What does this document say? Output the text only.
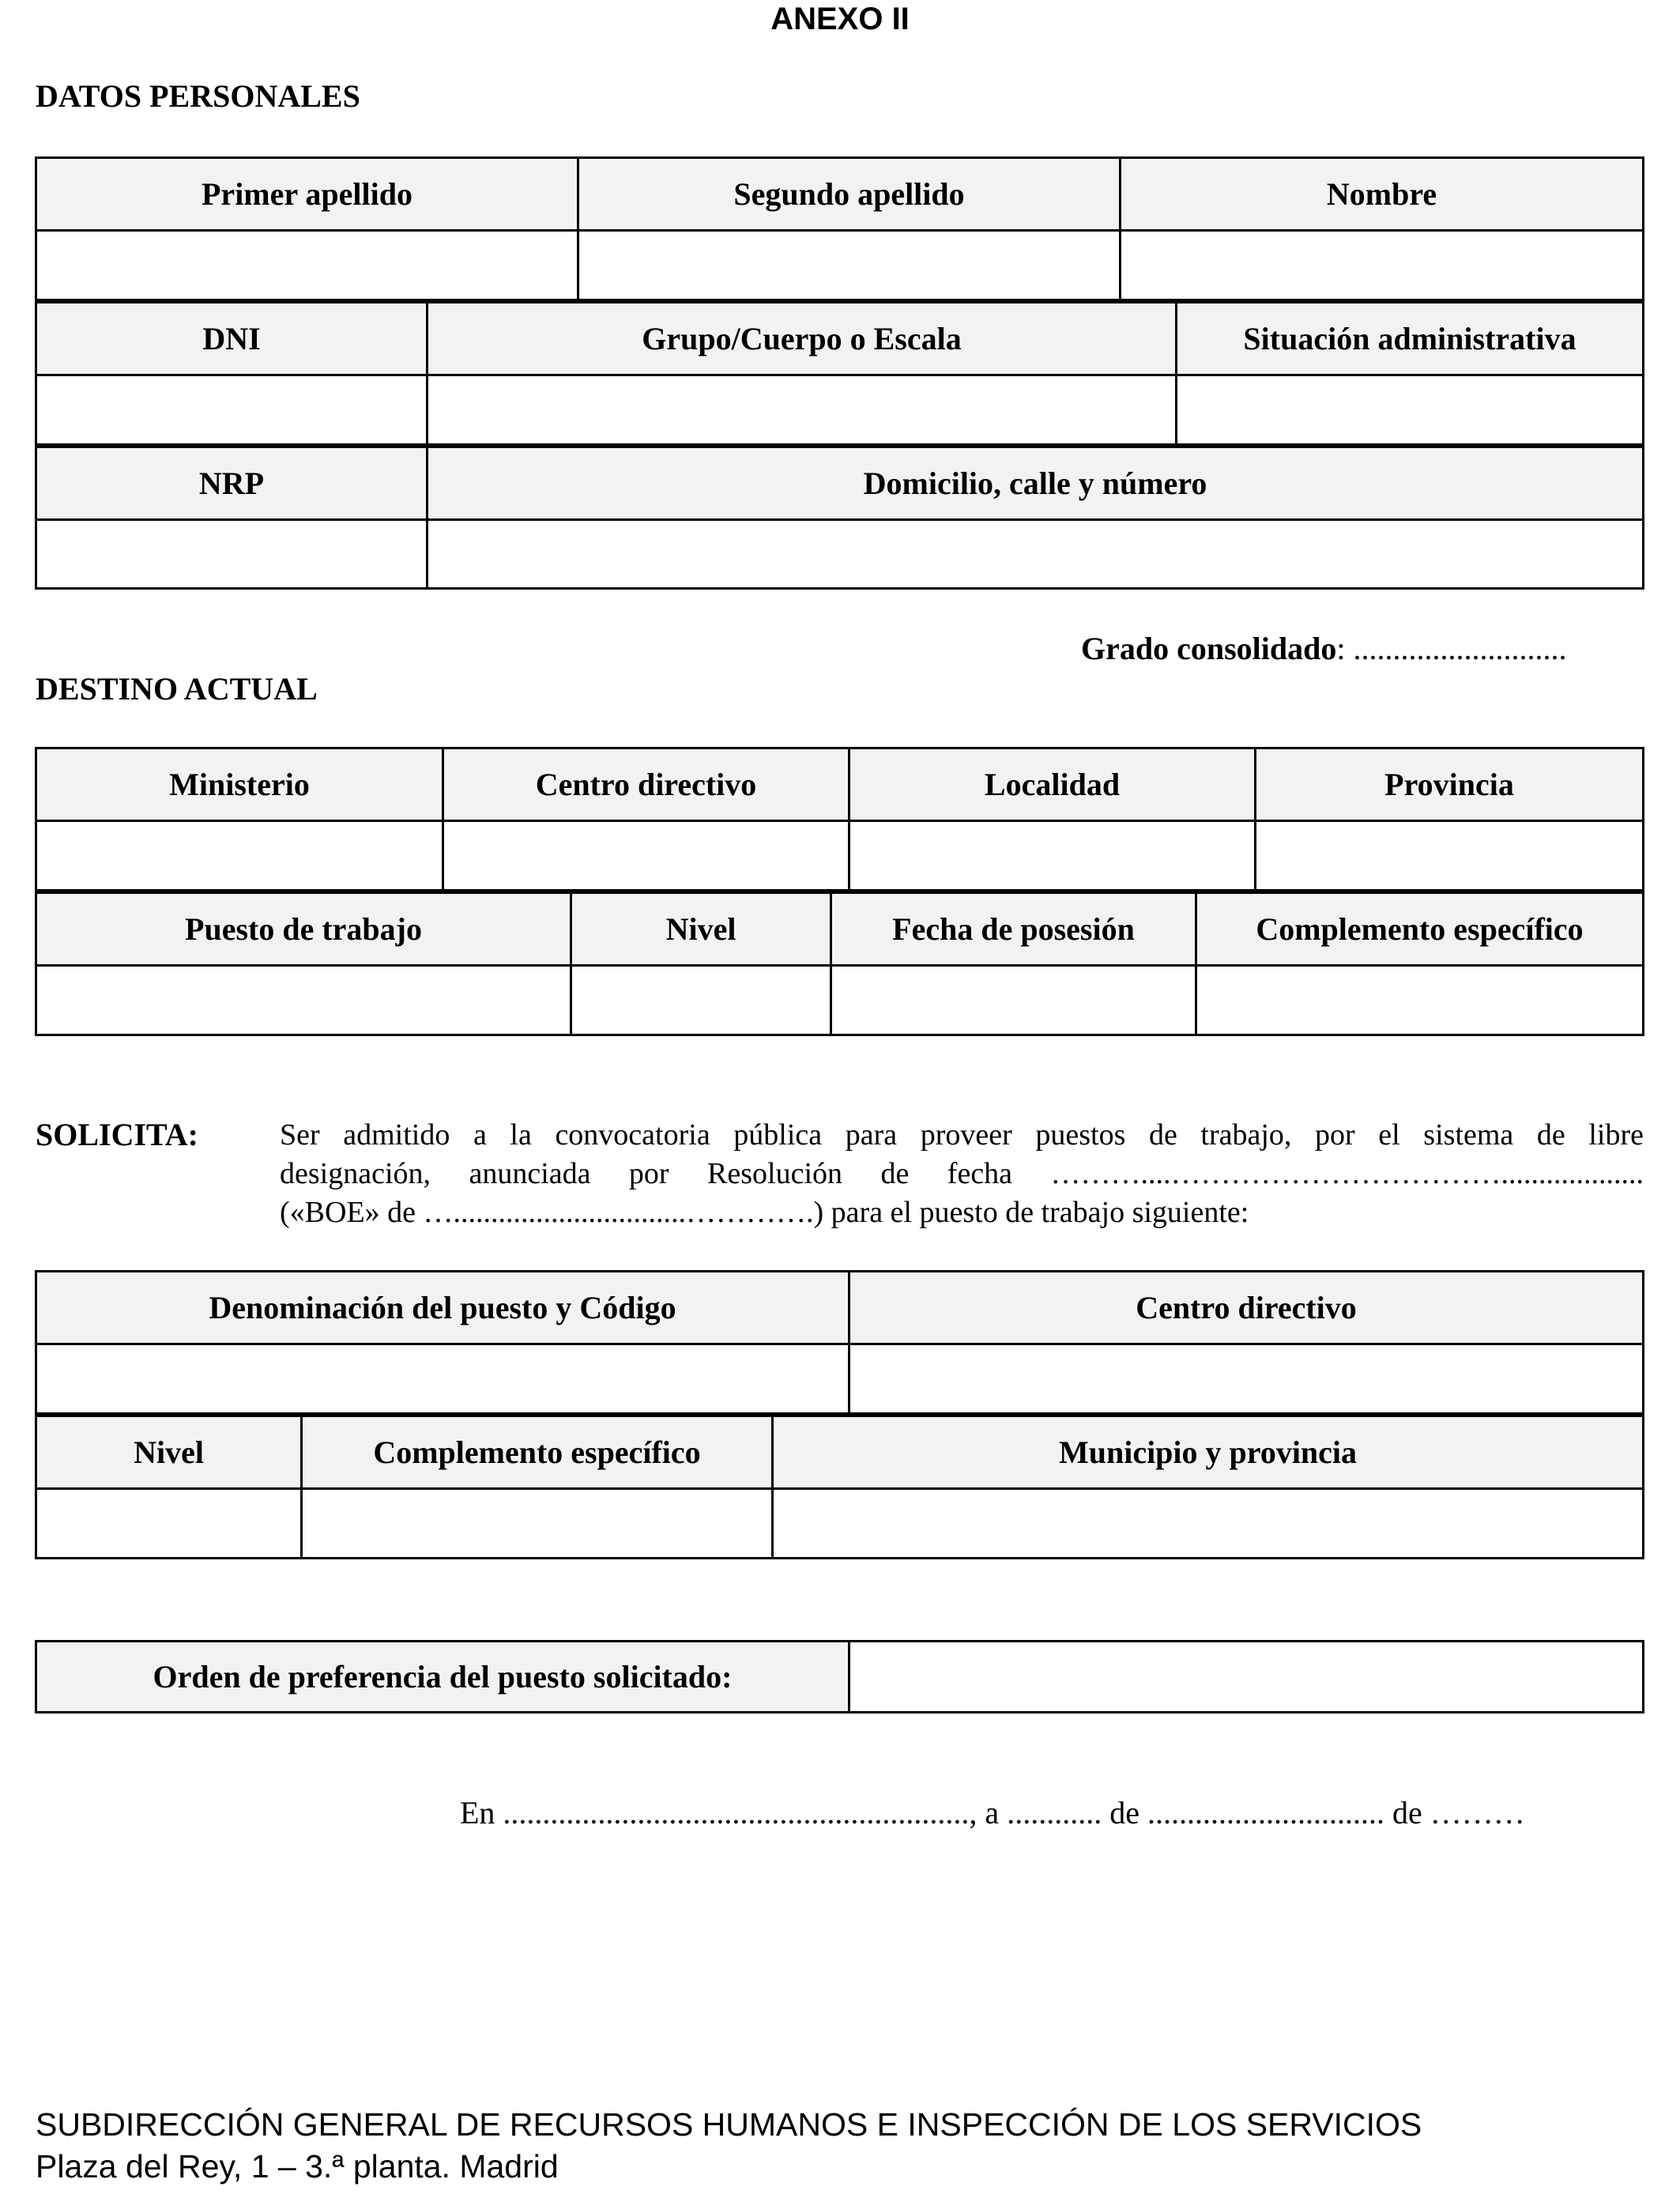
ANEXO II
DATOS PERSONALES
Primer apellido	Segundo apellido	Nombre
DNI	Grupo/Cuerpo o Escala	Situación administrativa
NRP	Domicilio, calle y número
Grado consolidado: ...........................
DESTINO ACTUAL
Ministerio	Centro directivo	Localidad	Provincia
Puesto de trabajo	Nivel	Fecha de posesión	Complemento específico
SOLICITA:	Ser admitido a la convocatoria pública para proveer puestos de trabajo, por el sistema de libre
designación, anunciada por Resolución de fecha ………....……………………………...................
(«BOE» de …...............................………….) para el puesto de trabajo siguiente:
Denominación del puesto y Código	Centro directivo
Nivel	Complemento específico	Municipio y provincia
Orden de preferencia del puesto solicitado:
En ..........................................................., a ............ de .............................. de ………
SUBDIRECCIÓN GENERAL DE RECURSOS HUMANOS E INSPECCIÓN DE LOS SERVICIOS
Plaza del Rey, 1 – 3.ª planta. Madrid
